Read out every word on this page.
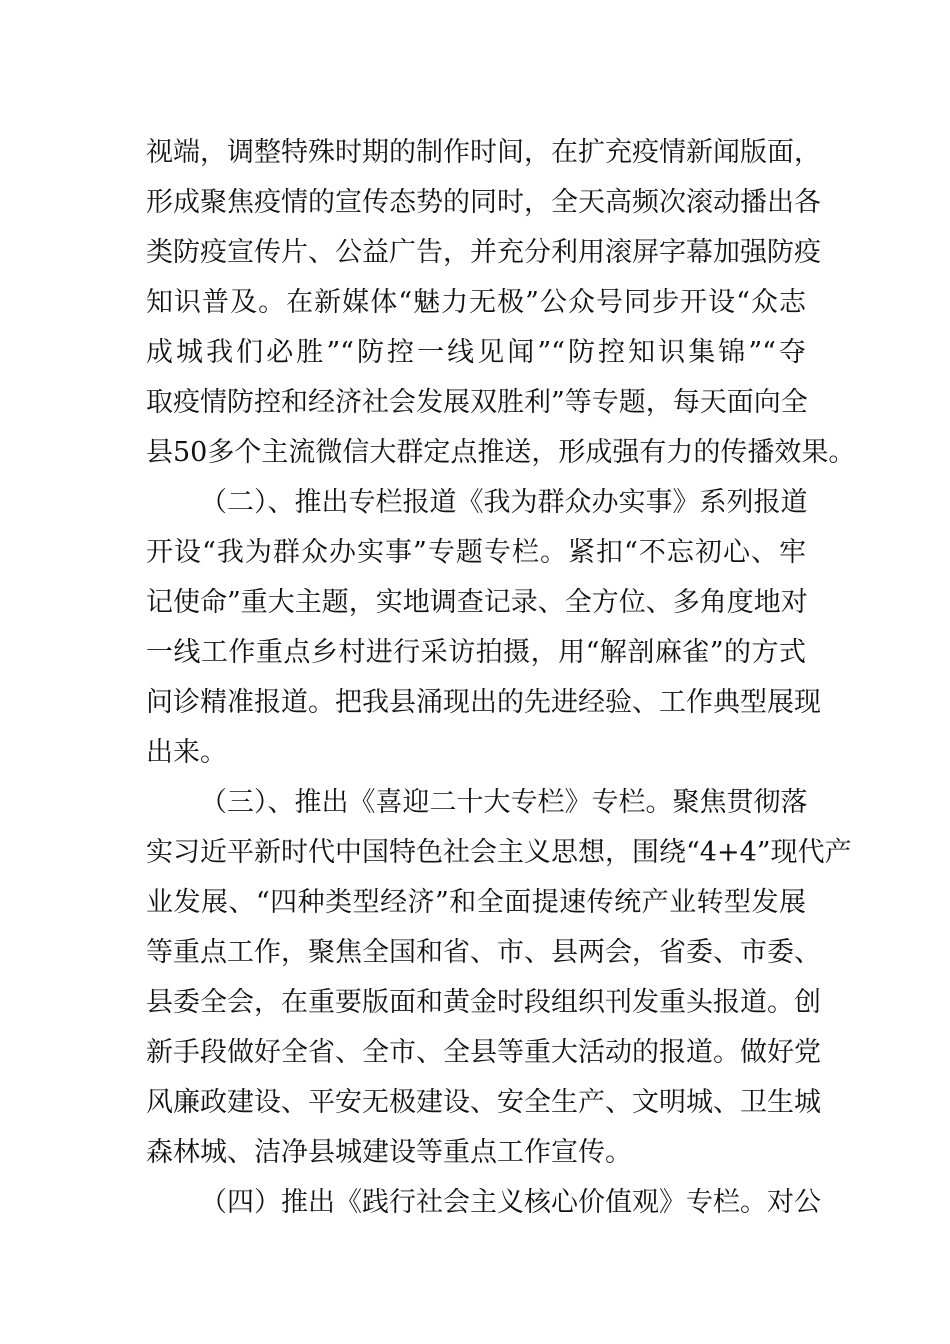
视端，调整特殊时期的制作时间，在扩充疫情新闻版面，
形成聚焦疫情的宣传态势的同时，全天高频次滚动播出各
类防疫宣传片、公益广告，并充分利用滚屏字幕加强防疫
知识普及。在新媒体“魅力无极”公众号同步开设“众志
成城我们必胜”“防控一线见闻”“防控知识集锦”“夺
取疫情防控和经济社会发展双胜利”等专题，每天面向全
县50多个主流微信大群定点推送，形成强有力的传播效果。
（二）、推出专栏报道《我为群众办实事》系列报道
开设“我为群众办实事”专题专栏。紧扣“不忘初心、牢
记使命”重大主题，实地调查记录、全方位、多角度地对
一线工作重点乡村进行采访拍摄，用“解剖麻雀”的方式
问诊精准报道。把我县涌现出的先进经验、工作典型展现
出来。
（三）、推出《喜迎二十大专栏》专栏。聚焦贯彻落
实习近平新时代中国特色社会主义思想，围绕“4+4”现代产
业发展、“四种类型经济”和全面提速传统产业转型发展
等重点工作，聚焦全国和省、市、县两会，省委、市委、
县委全会，在重要版面和黄金时段组织刊发重头报道。创
新手段做好全省、全市、全县等重大活动的报道。做好党
风廉政建设、平安无极建设、安全生产、文明城、卫生城
森林城、洁净县城建设等重点工作宣传。
（四）推出《践行社会主义核心价值观》专栏。对公
